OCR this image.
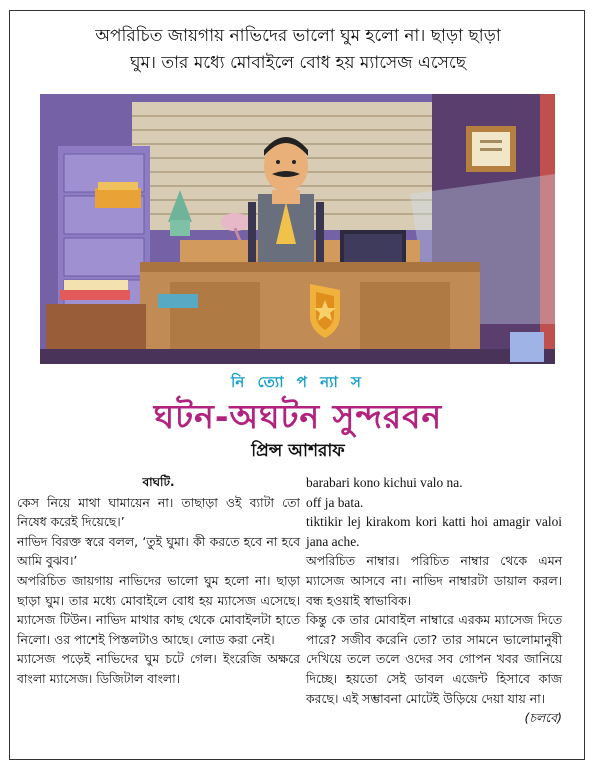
অপরিচিত জায়গায় নাভিদের ভালো ঘুম হলো না। ছাড়া ছাড়া
ঘুম। তার মধ্যে মোবাইলে বোধ হয় ম্যাসেজ এসেছে
নি ত্যো প ন্যা স
ঘটন-অঘটন সুন্দরবন
প্রিন্স আশরাফ

বাঘটি.

কেস নিয়ে মাথা ঘামায়েন না। তাছাড়া ওই ব্যাটা তো নিষেধ করেই দিয়েছে।’

নাভিদ বিরক্ত স্বরে বলল, ‘তুই ঘুমা। কী করতে হবে না হবে আমি বুঝব।’

অপরিচিত জায়গায় নাভিদের ভালো ঘুম হলো না। ছাড়া ছাড়া ঘুম। তার মধ্যে মোবাইলে বোধ হয় ম্যাসেজ এসেছে। ম্যাসেজ টিউন। নাভিদ মাথার কাছ থেকে মোবাইলটা হাতে নিলো। ওর পাশেই পিস্তলটাও আছে। লোড করা নেই।

ম্যাসেজ পড়েই নাভিদের ঘুম চটে গেল। ইংরেজি অক্ষরে বাংলা ম্যাসেজ। ডিজিটাল বাংলা।

barabari kono kichui valo na.

off ja bata.

tiktikir lej kirakom kori katti hoi amagir valoi jana ache.

অপরিচিত নাম্বার। পরিচিত নাম্বার থেকে এমন ম্যাসেজ আসবে না। নাভিদ নাম্বারটা ডায়াল করল। বন্ধ হওয়াই স্বাভাবিক।

কিন্তু কে তার মোবাইল নাম্বারে এরকম ম্যাসেজ দিতে পারে? সজীব করেনি তো? তার সামনে ভালোমানুষী দেখিয়ে তলে তলে ওদের সব গোপন খবর জানিয়ে দিচ্ছে। হয়তো সেই ডাবল এজেন্ট হিসাবে কাজ করছে। এই সম্ভাবনা মোটেই উড়িয়ে দেয়া যায় না।

(চলবে)
